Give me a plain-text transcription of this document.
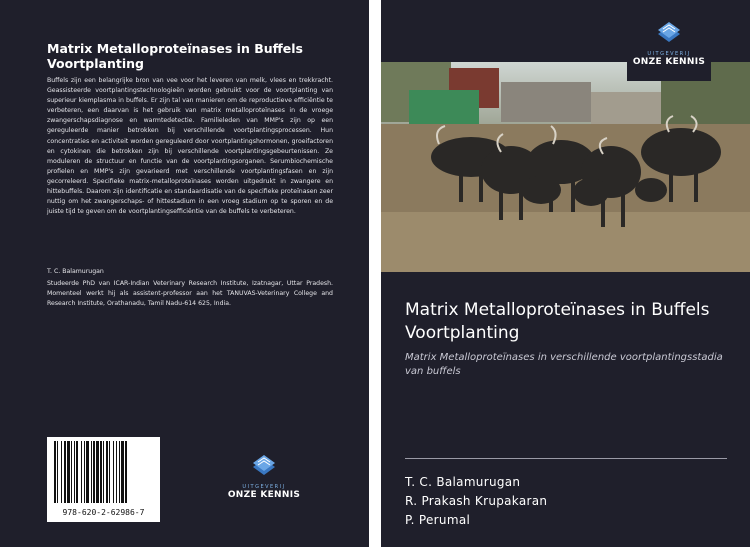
Matrix Metalloproteïnases in Buffels Voortplanting
Buffels zijn een belangrijke bron van vee voor het leveren van melk, vlees en trekkracht. Geassisteerde voortplantingstechnologieën worden gebruikt voor de voortplanting van superieur kiemplasma in buffels. Er zijn tal van manieren om de reproductieve efficiëntie te verbeteren, een daarvan is het gebruik van matrix metalloproteïnases in de vroege zwangerschapsdiagnose en warmtedetectie. Familieleden van MMP's zijn op een gereguleerde manier betrokken bij verschillende voortplantingsprocessen. Hun concentraties en activiteit worden gereguleerd door voortplantingshormonen, groeifactoren en cytokinen die betrokken zijn bij verschillende voortplantingsgebeurtenissen. Ze moduleren de structuur en functie van de voortplantingsorganen. Serumbiochemische profielen en MMP's zijn gevarieerd met verschillende voortplantingsfasen en zijn gecorreleerd. Specifieke matrix-metalloproteïnases worden uitgedrukt in zwangere en hittebuffels. Daarom zijn identificatie en standaardisatie van de specifieke proteïnasen zeer nuttig om het zwangerschaps- of hittestadium in een vroeg stadium op te sporen en de juiste tijd te geven om de voortplantingsefficiëntie van de buffels te verbeteren.
T. C. Balamurugan
Studeerde PhD van ICAR-Indian Veterinary Research Institute, Izatnagar, Uttar Pradesh. Momenteel werkt hij als assistent-professor aan het TANUVAS-Veterinary College and Research Institute, Orathanadu, Tamil Nadu-614 625, India.
978-620-2-62986-7
UITGEVERIJ
ONZE KENNIS
UITGEVERIJ
ONZE KENNIS
Matrix Metalloproteïnases in Buffels Voortplanting
Matrix Metalloproteïnases in verschillende voortplantingsstadia van buffels
T. C. Balamurugan
R. Prakash Krupakaran
P. Perumal
